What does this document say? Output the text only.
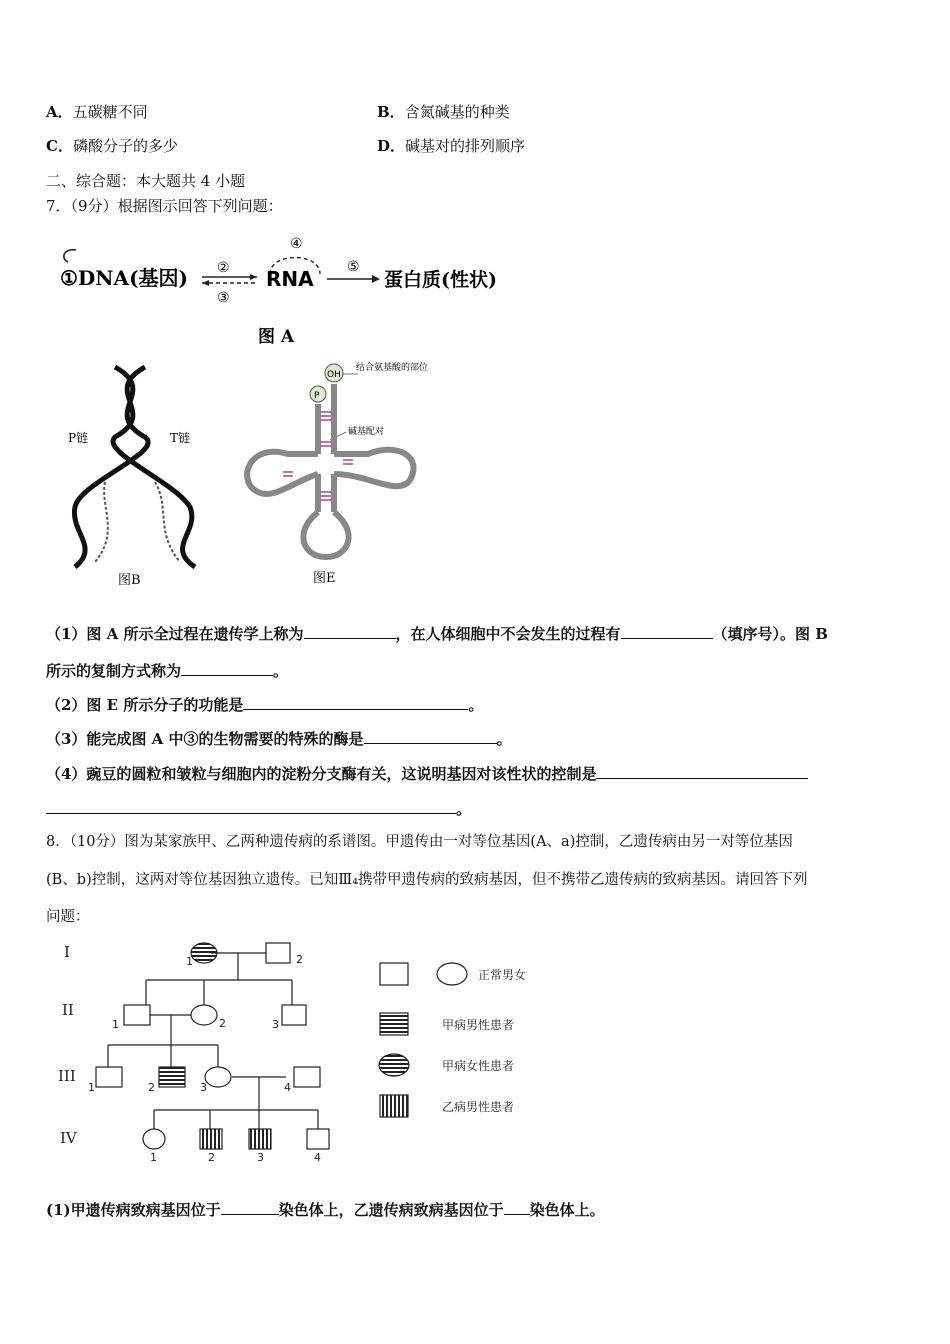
A．五碳糖不同	B．含氮碱基的种类
C．磷酸分子的多少	D．碱基对的排列顺序
二、综合题：本大题共 4 小题
7．（9分）根据图示回答下列问题：
①DNA(基因) ②
③
④
RNA ⑤
蛋白质(性状)
图 A
P链	T链
图B
OH
P
结合氨基酸的部位
碱基配对
图E
（1）图 A 所示全过程在遗传学上称为	，在人体细胞中不会发生的过程有	（填序号）。图 B
所示的复制方式称为	。
（2）图 E 所示分子的功能是	。
（3）能完成图 A 中③的生物需要的特殊的酶是	。
（4）豌豆的圆粒和皱粒与细胞内的淀粉分支酶有关，这说明基因对该性状的控制是
。
8．（10分）图为某家族甲、乙两种遗传病的系谱图。甲遗传由一对等位基因(A、a)控制，乙遗传病由另一对等位基因
(B、b)控制，这两对等位基因独立遗传。已知Ⅲ₄携带甲遗传病的致病基因，但不携带乙遗传病的致病基因。请回答下列
问题：
I
II
III
IV
1	2
1	2	3
1	2	3	4
1	2	3	4
正常男女
甲病男性患者
甲病女性患者
乙病男性患者
(1)甲遗传病致病基因位于	染色体上，乙遗传病致病基因位于 染色体上。
